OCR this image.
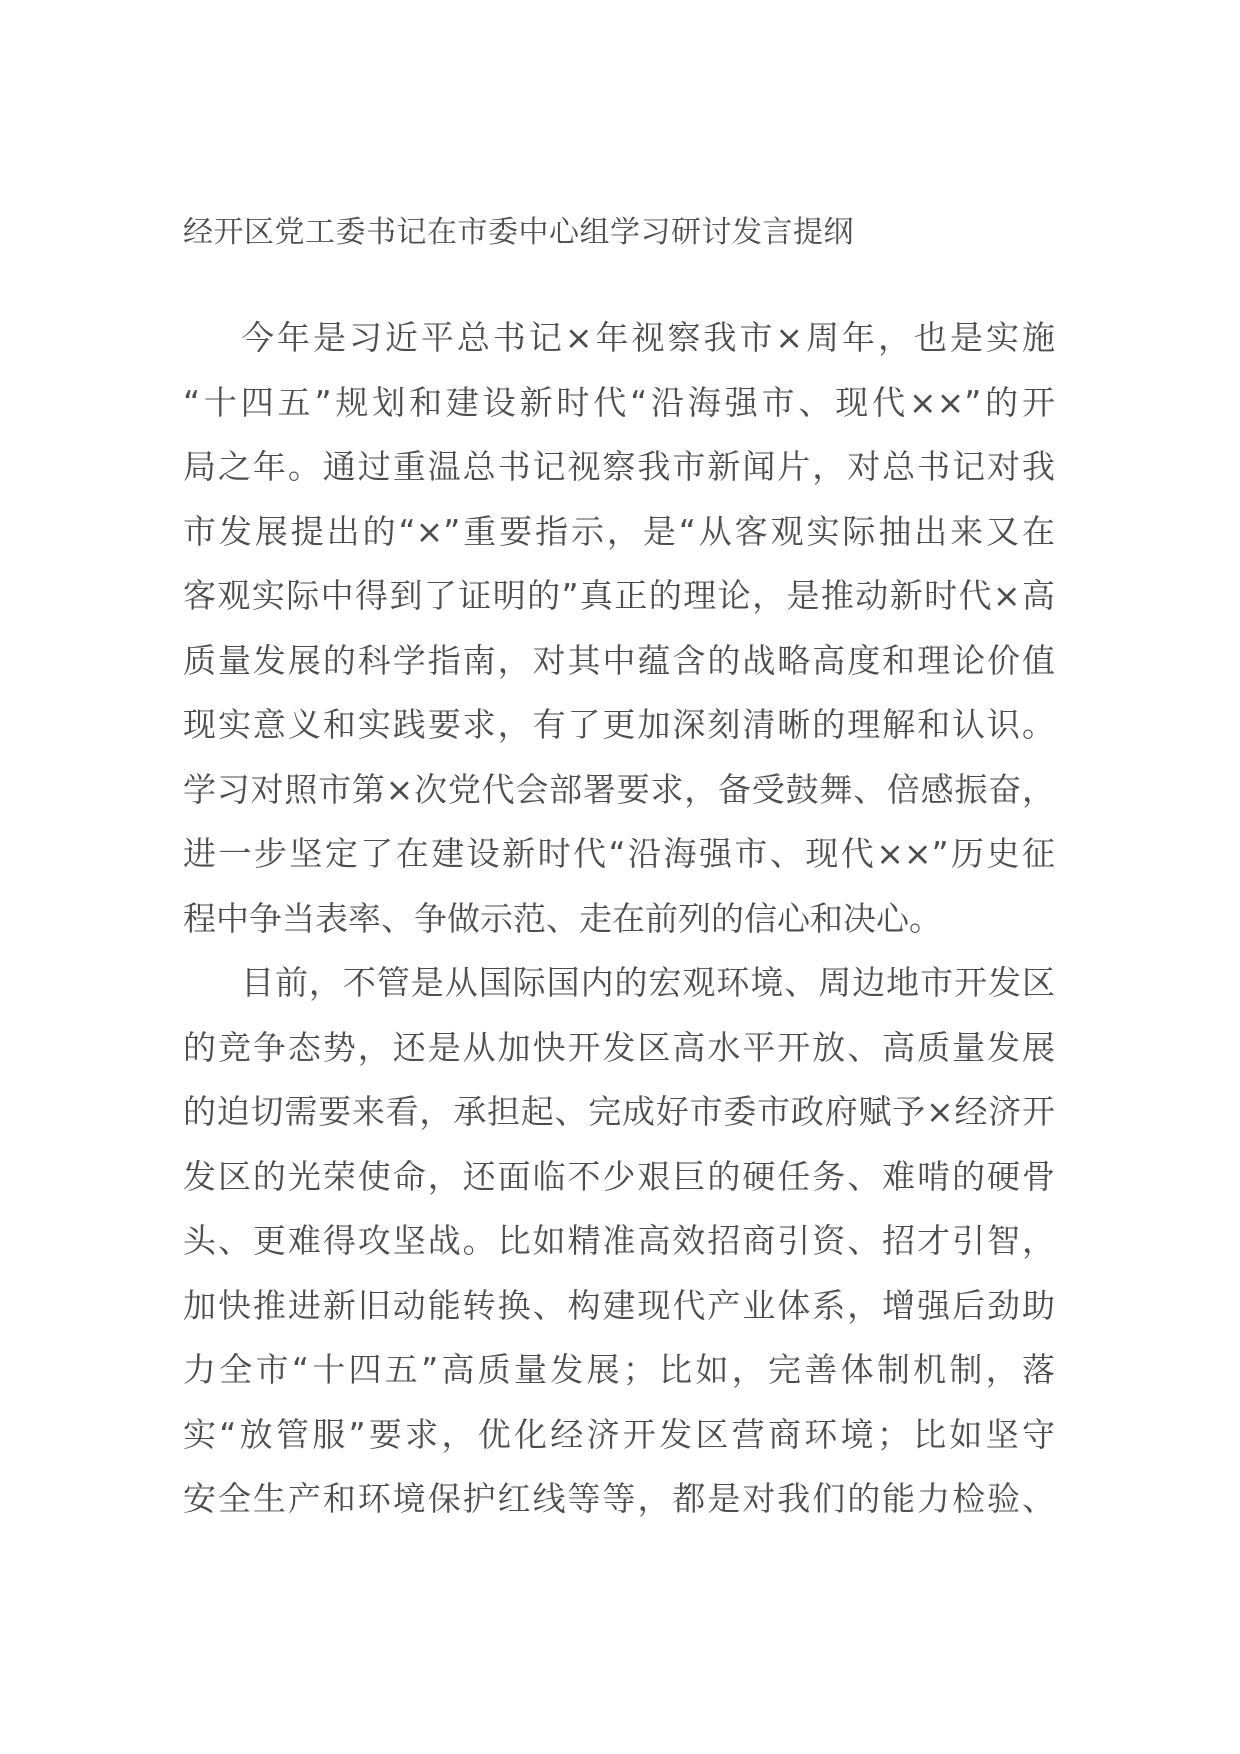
经开区党工委书记在市委中心组学习研讨发言提纲
今年是习近平总书记×年视察我市×周年，也是实施
“十四五”规划和建设新时代“沿海强市、现代××”的开
局之年。通过重温总书记视察我市新闻片，对总书记对我
市发展提出的“×”重要指示，是“从客观实际抽出来又在
客观实际中得到了证明的”真正的理论，是推动新时代×高
质量发展的科学指南，对其中蕴含的战略高度和理论价值
现实意义和实践要求，有了更加深刻清晰的理解和认识。
学习对照市第×次党代会部署要求，备受鼓舞、倍感振奋，
进一步坚定了在建设新时代“沿海强市、现代××”历史征
程中争当表率、争做示范、走在前列的信心和决心。
目前，不管是从国际国内的宏观环境、周边地市开发区
的竞争态势，还是从加快开发区高水平开放、高质量发展
的迫切需要来看，承担起、完成好市委市政府赋予×经济开
发区的光荣使命，还面临不少艰巨的硬任务、难啃的硬骨
头、更难得攻坚战。比如精准高效招商引资、招才引智，
加快推进新旧动能转换、构建现代产业体系，增强后劲助
力全市“十四五”高质量发展；比如，完善体制机制，落
实“放管服”要求，优化经济开发区营商环境；比如坚守
安全生产和环境保护红线等等，都是对我们的能力检验、
